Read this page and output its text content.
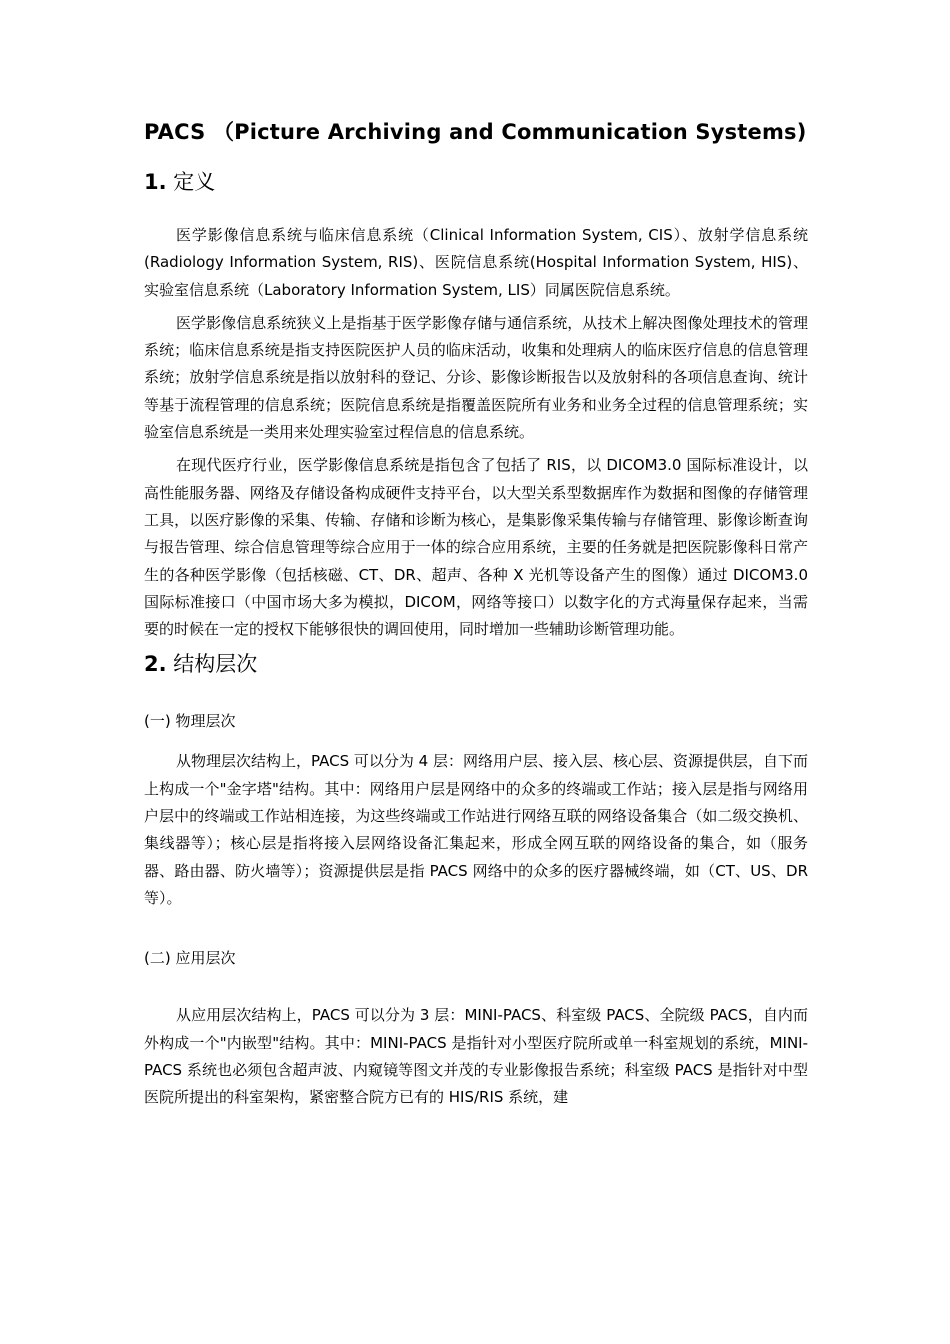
PACS （Picture Archiving and Communication Systems)
1. 定义

医学影像信息系统与临床信息系统（Clinical Information System, CIS）、放射学信息系统(Radiology Information System, RIS)、医院信息系统(Hospital Information System, HIS)、实验室信息系统（Laboratory Information System, LIS）同属医院信息系统。

医学影像信息系统狭义上是指基于医学影像存储与通信系统，从技术上解决图像处理技术的管理系统；临床信息系统是指支持医院医护人员的临床活动，收集和处理病人的临床医疗信息的信息管理系统；放射学信息系统是指以放射科的登记、分诊、影像诊断报告以及放射科的各项信息查询、统计等基于流程管理的信息系统；医院信息系统是指覆盖医院所有业务和业务全过程的信息管理系统；实验室信息系统是一类用来处理实验室过程信息的信息系统。

在现代医疗行业，医学影像信息系统是指包含了包括了 RIS，以 DICOM3.0 国际标准设计，以高性能服务器、网络及存储设备构成硬件支持平台，以大型关系型数据库作为数据和图像的存储管理工具，以医疗影像的采集、传输、存储和诊断为核心，是集影像采集传输与存储管理、影像诊断查询与报告管理、综合信息管理等综合应用于一体的综合应用系统，主要的任务就是把医院影像科日常产生的各种医学影像（包括核磁、CT、DR、超声、各种 X 光机等设备产生的图像）通过 DICOM3.0 国际标准接口（中国市场大多为模拟，DICOM，网络等接口）以数字化的方式海量保存起来，当需要的时候在一定的授权下能够很快的调回使用，同时增加一些辅助诊断管理功能。

2. 结构层次

(一) 物理层次

从物理层次结构上，PACS 可以分为 4 层：网络用户层、接入层、核心层、资源提供层，自下而上构成一个"金字塔"结构。其中：网络用户层是网络中的众多的终端或工作站；接入层是指与网络用户层中的终端或工作站相连接，为这些终端或工作站进行网络互联的网络设备集合（如二级交换机、集线器等）；核心层是指将接入层网络设备汇集起来，形成全网互联的网络设备的集合，如（服务器、路由器、防火墙等）；资源提供层是指 PACS 网络中的众多的医疗器械终端，如（CT、US、DR 等）。

(二) 应用层次

从应用层次结构上，PACS 可以分为 3 层：MINI-PACS、科室级 PACS、全院级 PACS，自内而外构成一个"内嵌型"结构。其中：MINI-PACS 是指针对小型医疗院所或单一科室规划的系统，MINI-PACS 系统也必须包含超声波、内窥镜等图文并茂的专业影像报告系统；科室级 PACS 是指针对中型医院所提出的科室架构，紧密整合院方已有的 HIS/RIS 系统，建
